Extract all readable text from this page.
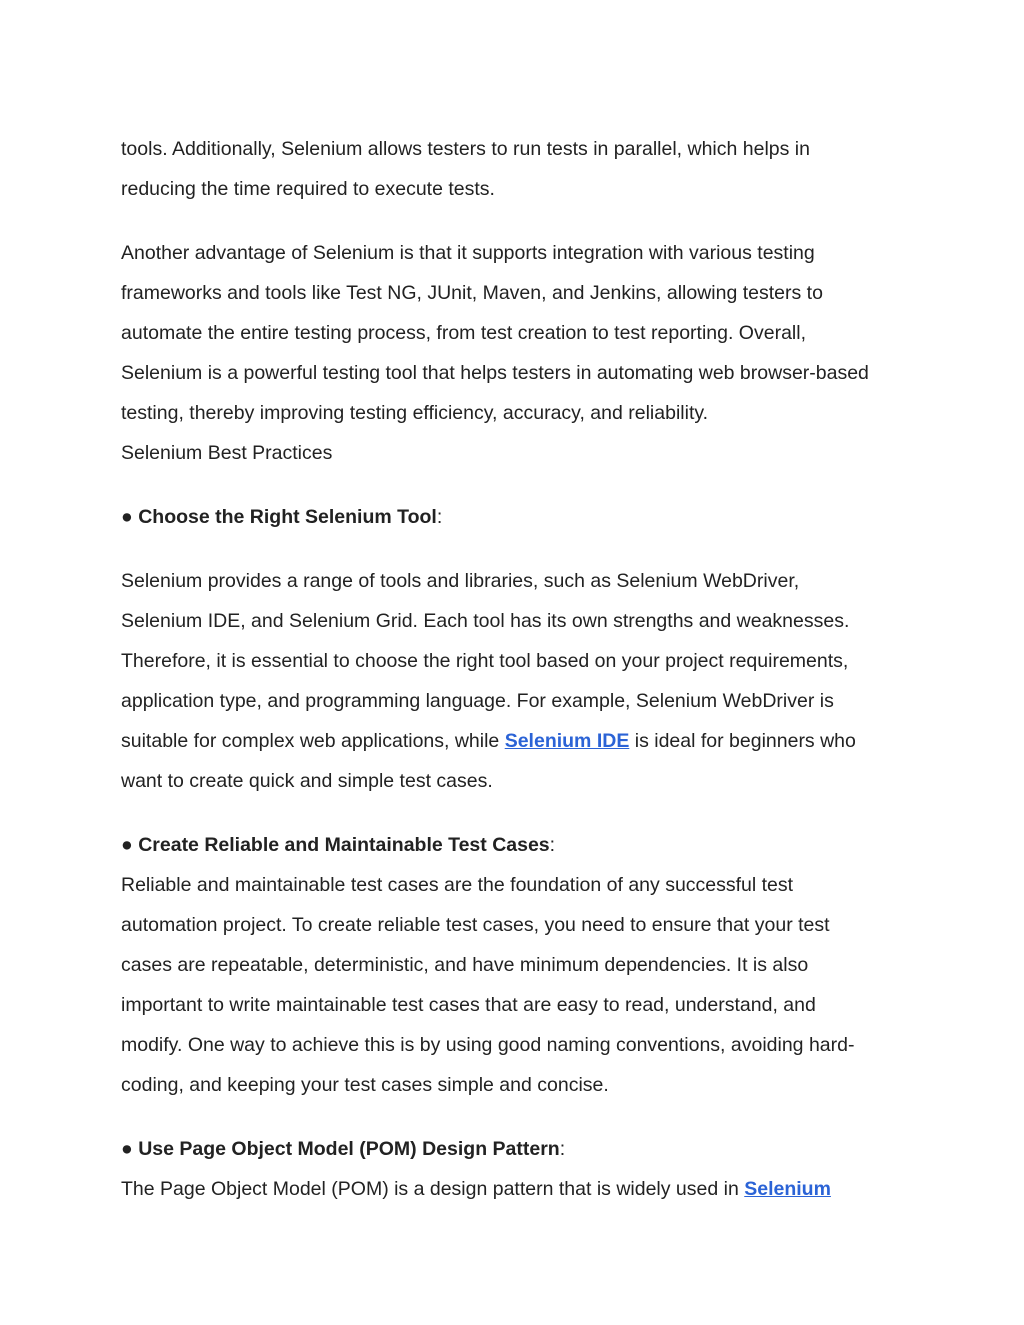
tools. Additionally, Selenium allows testers to run tests in parallel, which helps in
reducing the time required to execute tests.
Another advantage of Selenium is that it supports integration with various testing
frameworks and tools like Test NG, JUnit, Maven, and Jenkins, allowing testers to
automate the entire testing process, from test creation to test reporting. Overall,
Selenium is a powerful testing tool that helps testers in automating web browser-based
testing, thereby improving testing efficiency, accuracy, and reliability.
Selenium Best Practices
● Choose the Right Selenium Tool:
Selenium provides a range of tools and libraries, such as Selenium WebDriver,
Selenium IDE, and Selenium Grid. Each tool has its own strengths and weaknesses.
Therefore, it is essential to choose the right tool based on your project requirements,
application type, and programming language. For example, Selenium WebDriver is
suitable for complex web applications, while Selenium IDE is ideal for beginners who
want to create quick and simple test cases.
● Create Reliable and Maintainable Test Cases:
Reliable and maintainable test cases are the foundation of any successful test
automation project. To create reliable test cases, you need to ensure that your test
cases are repeatable, deterministic, and have minimum dependencies. It is also
important to write maintainable test cases that are easy to read, understand, and
modify. One way to achieve this is by using good naming conventions, avoiding hard-
coding, and keeping your test cases simple and concise.
● Use Page Object Model (POM) Design Pattern:
The Page Object Model (POM) is a design pattern that is widely used in Selenium
